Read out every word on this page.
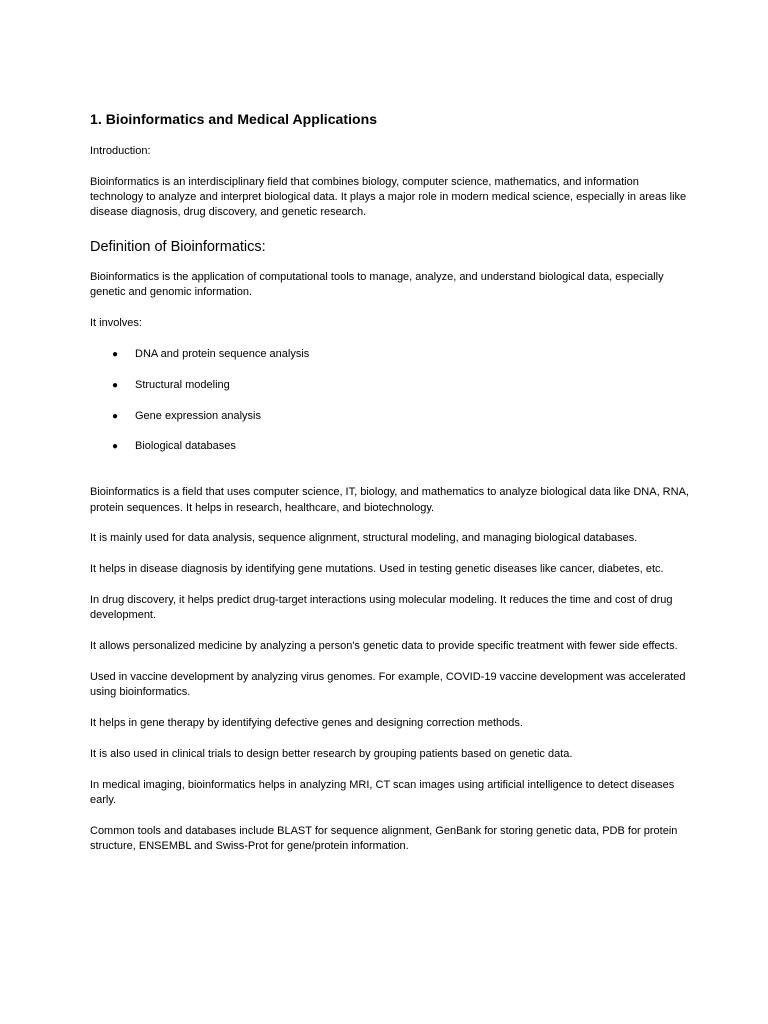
1. Bioinformatics and Medical Applications
Introduction:
Bioinformatics is an interdisciplinary field that combines biology, computer science, mathematics, and information technology to analyze and interpret biological data. It plays a major role in modern medical science, especially in areas like disease diagnosis, drug discovery, and genetic research.
Definition of Bioinformatics:
Bioinformatics is the application of computational tools to manage, analyze, and understand biological data, especially genetic and genomic information.
It involves:
● DNA and protein sequence analysis
● Structural modeling
● Gene expression analysis
● Biological databases
Bioinformatics is a field that uses computer science, IT, biology, and mathematics to analyze biological data like DNA, RNA, protein sequences. It helps in research, healthcare, and biotechnology.
It is mainly used for data analysis, sequence alignment, structural modeling, and managing biological databases.
It helps in disease diagnosis by identifying gene mutations. Used in testing genetic diseases like cancer, diabetes, etc.
In drug discovery, it helps predict drug-target interactions using molecular modeling. It reduces the time and cost of drug development.
It allows personalized medicine by analyzing a person's genetic data to provide specific treatment with fewer side effects.
Used in vaccine development by analyzing virus genomes. For example, COVID-19 vaccine development was accelerated using bioinformatics.
It helps in gene therapy by identifying defective genes and designing correction methods.
It is also used in clinical trials to design better research by grouping patients based on genetic data.
In medical imaging, bioinformatics helps in analyzing MRI, CT scan images using artificial intelligence to detect diseases early.
Common tools and databases include BLAST for sequence alignment, GenBank for storing genetic data, PDB for protein structure, ENSEMBL and Swiss-Prot for gene/protein information.
